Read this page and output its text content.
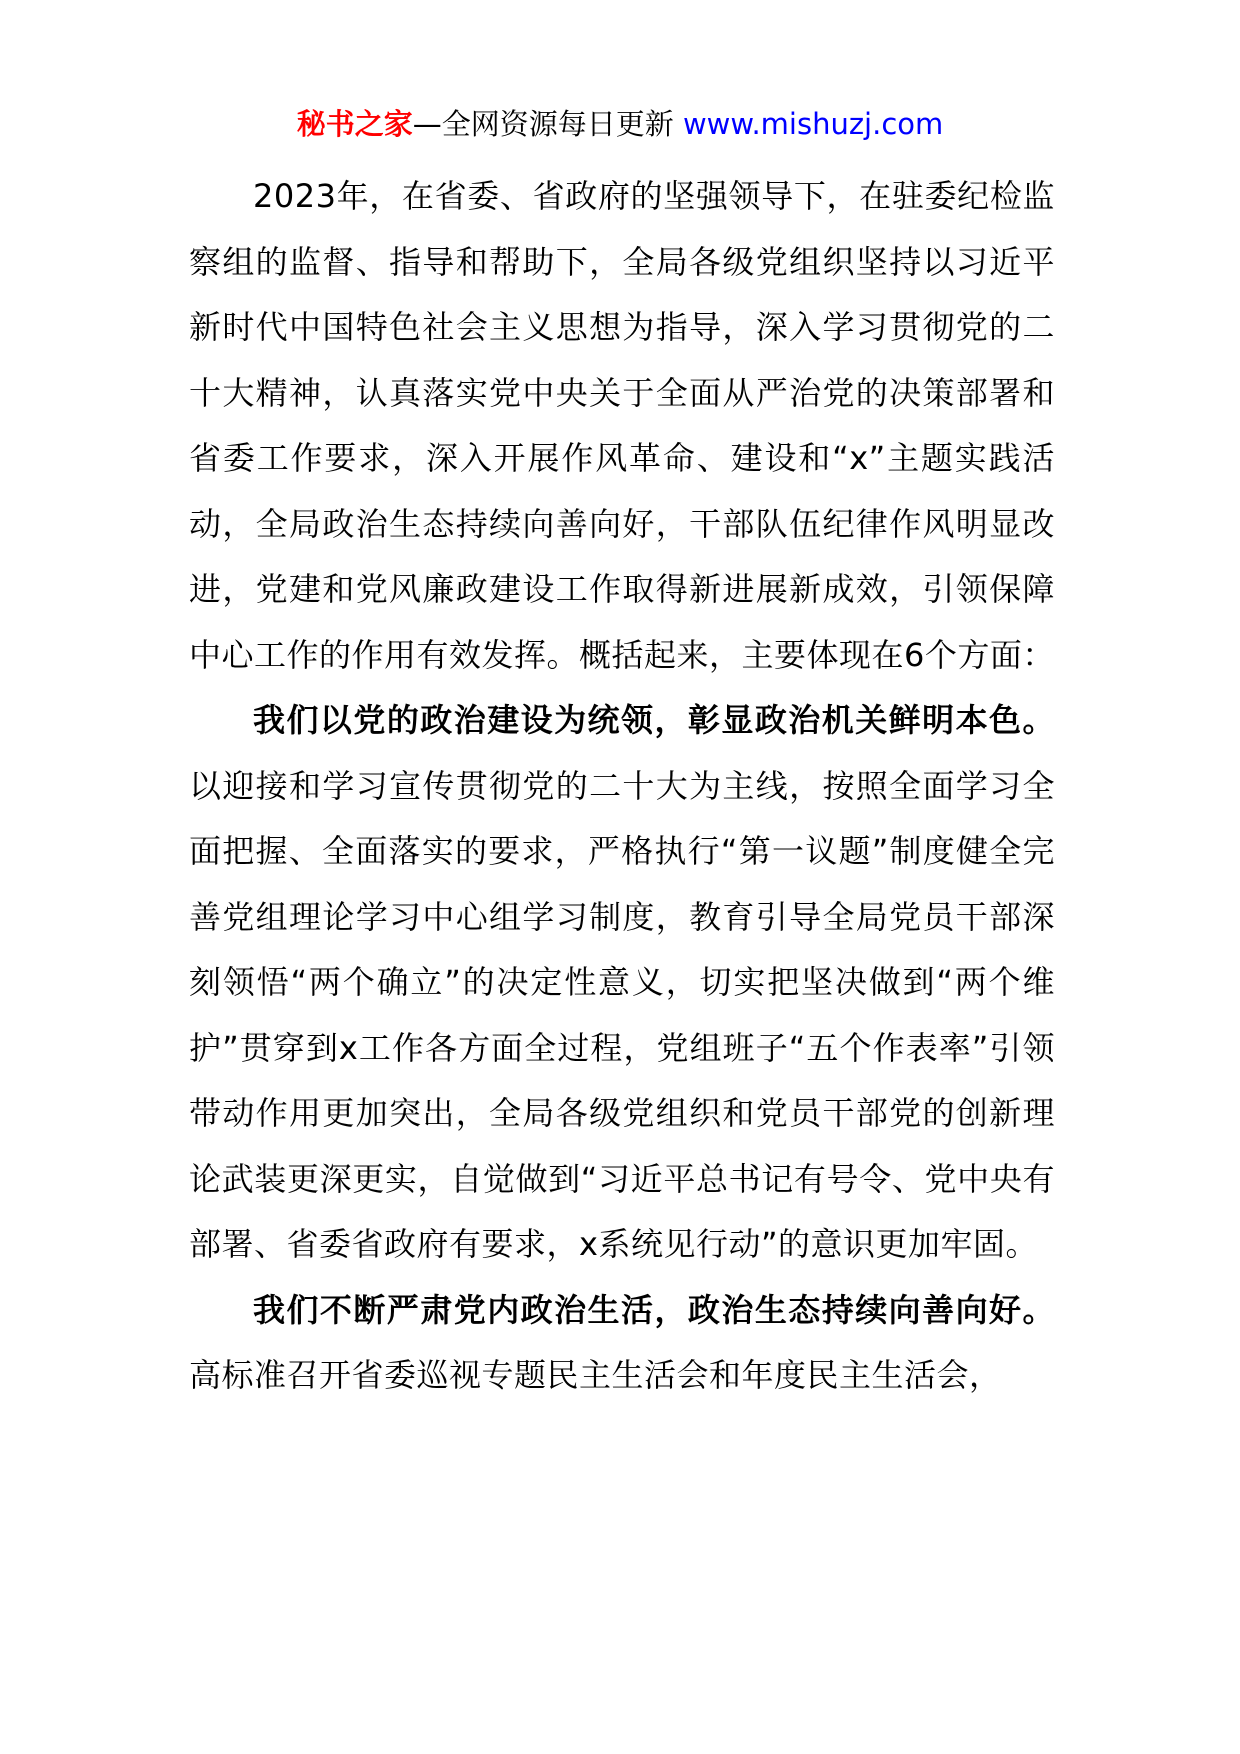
秘书之家—全网资源每日更新 www.mishuzj.com

2023年，在省委、省政府的坚强领导下，在驻委纪检监察组的监督、指导和帮助下，全局各级党组织坚持以习近平新时代中国特色社会主义思想为指导，深入学习贯彻党的二十大精神，认真落实党中央关于全面从严治党的决策部署和省委工作要求，深入开展作风革命、建设和“x”主题实践活动，全局政治生态持续向善向好，干部队伍纪律作风明显改进，党建和党风廉政建设工作取得新进展新成效，引领保障中心工作的作用有效发挥。概括起来，主要体现在6个方面：

我们以党的政治建设为统领，彰显政治机关鲜明本色。以迎接和学习宣传贯彻党的二十大为主线，按照全面学习全面把握、全面落实的要求，严格执行“第一议题”制度健全完善党组理论学习中心组学习制度，教育引导全局党员干部深刻领悟“两个确立”的决定性意义，切实把坚决做到“两个维护”贯穿到x工作各方面全过程，党组班子“五个作表率”引领带动作用更加突出，全局各级党组织和党员干部党的创新理论武装更深更实，自觉做到“习近平总书记有号令、党中央有部署、省委省政府有要求，x系统见行动”的意识更加牢固。

我们不断严肃党内政治生活，政治生态持续向善向好。高标准召开省委巡视专题民主生活会和年度民主生活会，
